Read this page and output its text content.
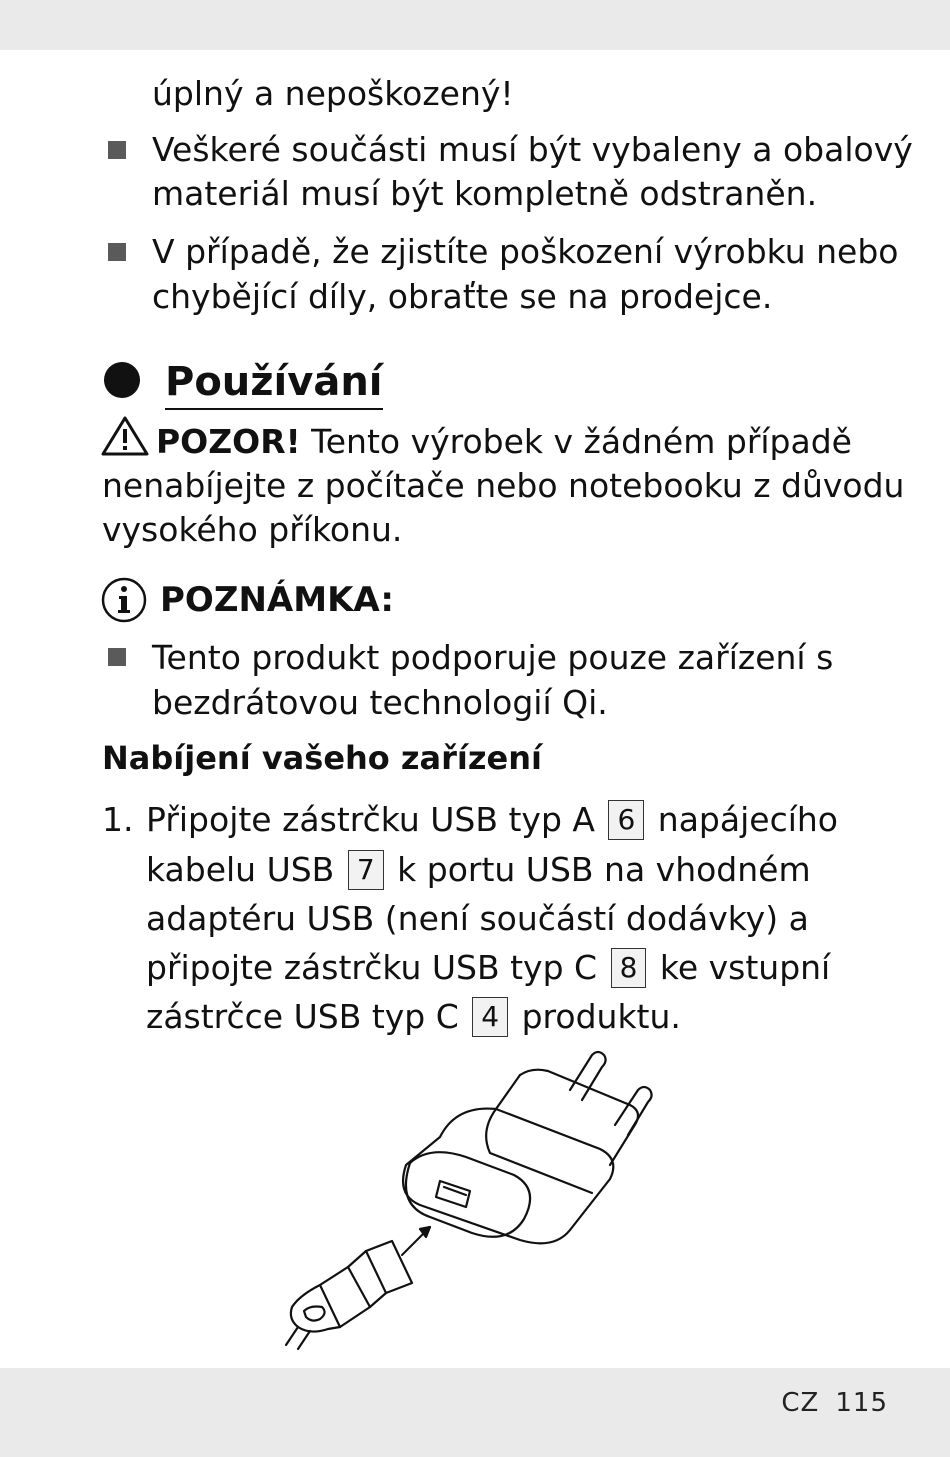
úplný a nepoškozený!
Veškeré součásti musí být vybaleny a obalový
materiál musí být kompletně odstraněn.
V případě, že zjistíte poškození výrobku nebo
chybějící díly, obraťte se na prodejce.
Používání
POZOR! Tento výrobek v žádném případě
nenabíjejte z počítače nebo notebooku z důvodu
vysokého příkonu.
POZNÁMKA:
Tento produkt podporuje pouze zařízení s
bezdrátovou technologií Qi.
Nabíjení vašeho zařízení
1. Připojte zástrčku USB typ A 6 napájecího
kabelu USB 7 k portu USB na vhodném
adaptéru USB (není součástí dodávky) a
připojte zástrčku USB typ C 8 ke vstupní
zástrčce USB typ C 4 produktu.
CZ 115
